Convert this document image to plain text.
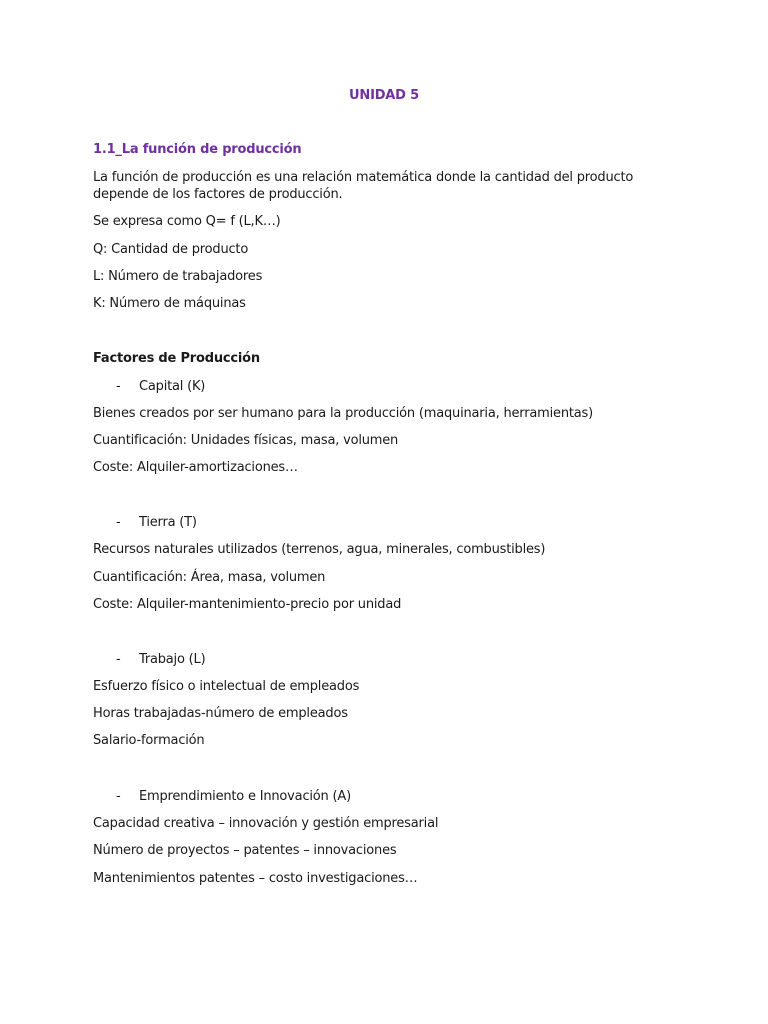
UNIDAD 5
1.1_La función de producción
La función de producción es una relación matemática donde la cantidad del producto depende de los factores de producción.
Se expresa como Q= f (L,K…)
Q: Cantidad de producto
L: Número de trabajadores
K: Número de máquinas
Factores de Producción
- Capital (K)
Bienes creados por ser humano para la producción (maquinaria, herramientas)
Cuantificación: Unidades físicas, masa, volumen
Coste: Alquiler-amortizaciones…
- Tierra (T)
Recursos naturales utilizados (terrenos, agua, minerales, combustibles)
Cuantificación: Área, masa, volumen
Coste: Alquiler-mantenimiento-precio por unidad
- Trabajo (L)
Esfuerzo físico o intelectual de empleados
Horas trabajadas-número de empleados
Salario-formación
- Emprendimiento e Innovación (A)
Capacidad creativa – innovación y gestión empresarial
Número de proyectos – patentes – innovaciones
Mantenimientos patentes – costo investigaciones…
